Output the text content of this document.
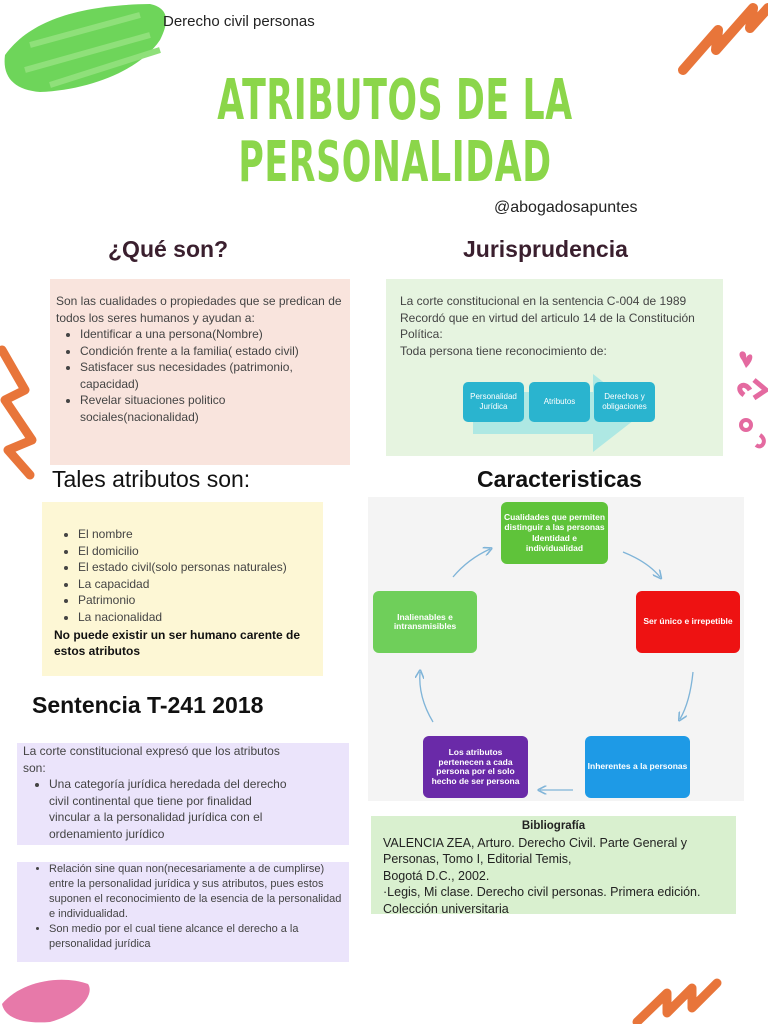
Derecho civil personas
ATRIBUTOS DE LA
PERSONALIDAD
@abogadosapuntes
¿Qué son?
Son las cualidades o propiedades que se predican de todos los seres humanos y ayudan a:
• Identificar a una persona(Nombre)
• Condición frente a la familia( estado civil)
• Satisfacer sus necesidades (patrimonio, capacidad)
• Revelar situaciones politico sociales(nacionalidad)
Jurisprudencia
La corte constitucional en la sentencia C-004 de 1989 Recordó que en virtud del articulo 14 de la Constitución Política:
Toda persona tiene reconocimiento de:
Personalidad Jurídica
Atributos
Derechos y obligaciones
Tales atributos son:
• El nombre
• El domicilio
• El estado civil(solo personas naturales)
• La capacidad
• Patrimonio
• La nacionalidad
No puede existir un ser humano carente de estos atributos
Caracteristicas
Cualidades que permiten distinguir a las personas
Identidad e individualidad
Ser único e irrepetible
Inherentes a la personas
Los atributos pertenecen a cada persona por el solo hecho de ser persona
Inalienables e intransmisibles
Sentencia T-241 2018
La corte constitucional expresó que los atributos son:
• Una categoría jurídica heredada del derecho civil continental que tiene por finalidad vincular a la personalidad jurídica con el ordenamiento jurídico
• Relación sine quan non(necesariamente a de cumplirse) entre la personalidad jurídica y sus atributos, pues estos suponen el reconocimiento de la esencia de la personalidad e individualidad.
• Son medio por el cual tiene alcance el derecho a la personalidad jurídica
Bibliografía
VALENCIA ZEA, Arturo. Derecho Civil. Parte General y Personas, Tomo I, Editorial Temis,
Bogotá D.C., 2002.
·Legis, Mi clase. Derecho civil personas. Primera edición. Colección universitaria
